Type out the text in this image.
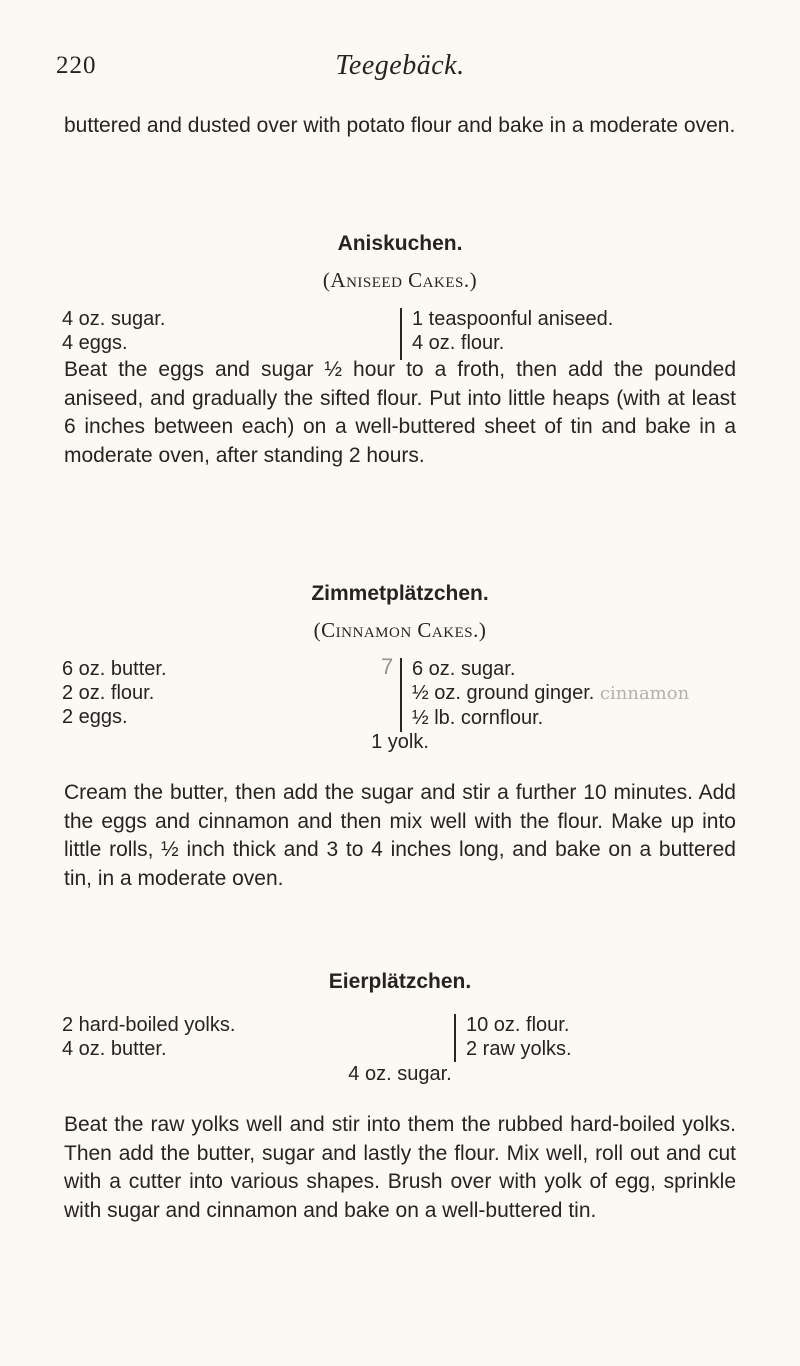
220	Teegebäck.
buttered and dusted over with potato flour and bake in a moderate oven.
Aniskuchen.
(Aniseed Cakes.)
4 oz. sugar.
4 eggs.
1 teaspoonful aniseed.
4 oz. flour.
Beat the eggs and sugar ½ hour to a froth, then add the pounded aniseed, and gradually the sifted flour. Put into little heaps (with at least 6 inches between each) on a well-buttered sheet of tin and bake in a moderate oven, after standing 2 hours.
Zimmetplätzchen.
(Cinnamon Cakes.)
6 oz. butter.
2 oz. flour.
2 eggs.
7 6 oz. sugar.
½ oz. ground ginger. cinnamon
½ lb. cornflour.
1 yolk.
Cream the butter, then add the sugar and stir a further 10 minutes. Add the eggs and cinnamon and then mix well with the flour. Make up into little rolls, ½ inch thick and 3 to 4 inches long, and bake on a buttered tin, in a moderate oven.
Eierplätzchen.
2 hard-boiled yolks.
4 oz. butter.
10 oz. flour.
2 raw yolks.
4 oz. sugar.
Beat the raw yolks well and stir into them the rubbed hard-boiled yolks. Then add the butter, sugar and lastly the flour. Mix well, roll out and cut with a cutter into various shapes. Brush over with yolk of egg, sprinkle with sugar and cinnamon and bake on a well-buttered tin.
